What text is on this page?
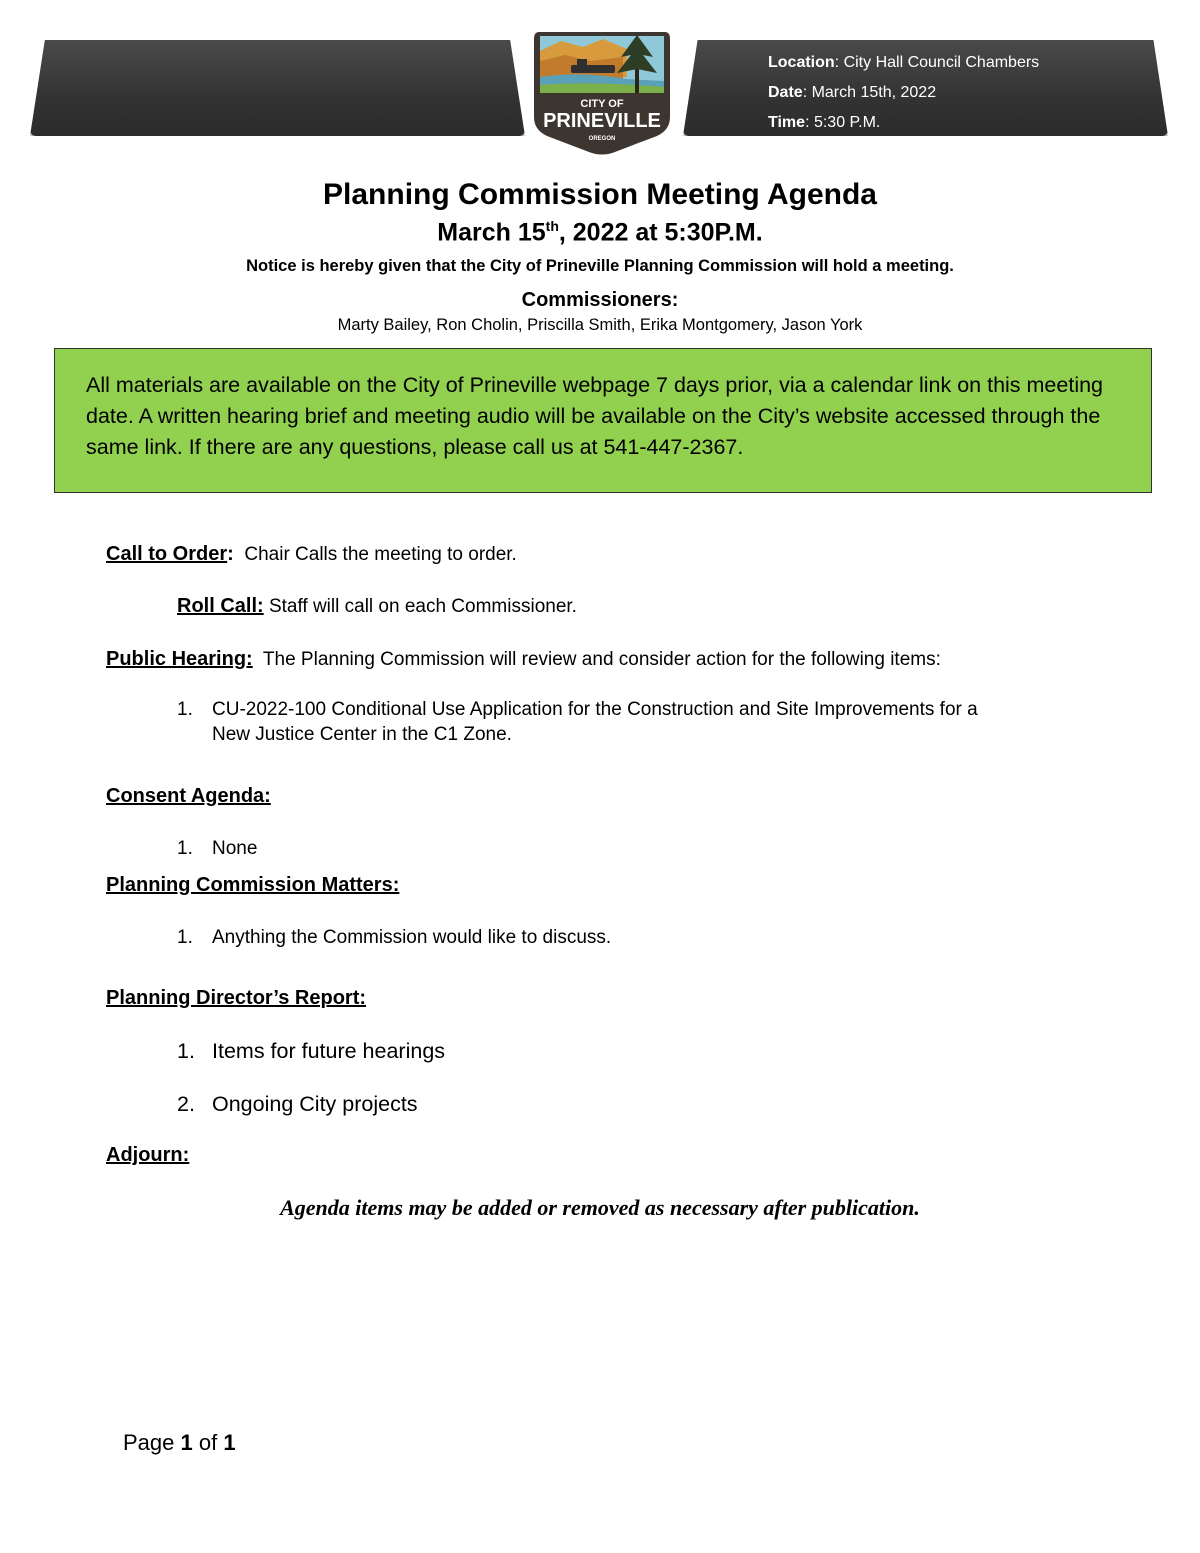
Location: City Hall Council Chambers
Date: March 15th, 2022
Time: 5:30 P.M.
CITY OF
PRINEVILLE
OREGON
Planning Commission Meeting Agenda
March 15th, 2022 at 5:30P.M.
Notice is hereby given that the City of Prineville Planning Commission will hold a meeting.
Commissioners:
Marty Bailey, Ron Cholin, Priscilla Smith, Erika Montgomery, Jason York
All materials are available on the City of Prineville webpage 7 days prior, via a calendar link on this meeting date. A written hearing brief and meeting audio will be available on the City’s website accessed through the same link. If there are any questions, please call us at 541-447-2367.
Call to Order:  Chair Calls the meeting to order.
Roll Call: Staff will call on each Commissioner.
Public Hearing:  The Planning Commission will review and consider action for the following items:
1. CU-2022-100 Conditional Use Application for the Construction and Site Improvements for a
New Justice Center in the C1 Zone.
Consent Agenda:
1. None
Planning Commission Matters:
1. Anything the Commission would like to discuss.
Planning Director’s Report:
1. Items for future hearings
2. Ongoing City projects
Adjourn:
Agenda items may be added or removed as necessary after publication.
Page 1 of 1
